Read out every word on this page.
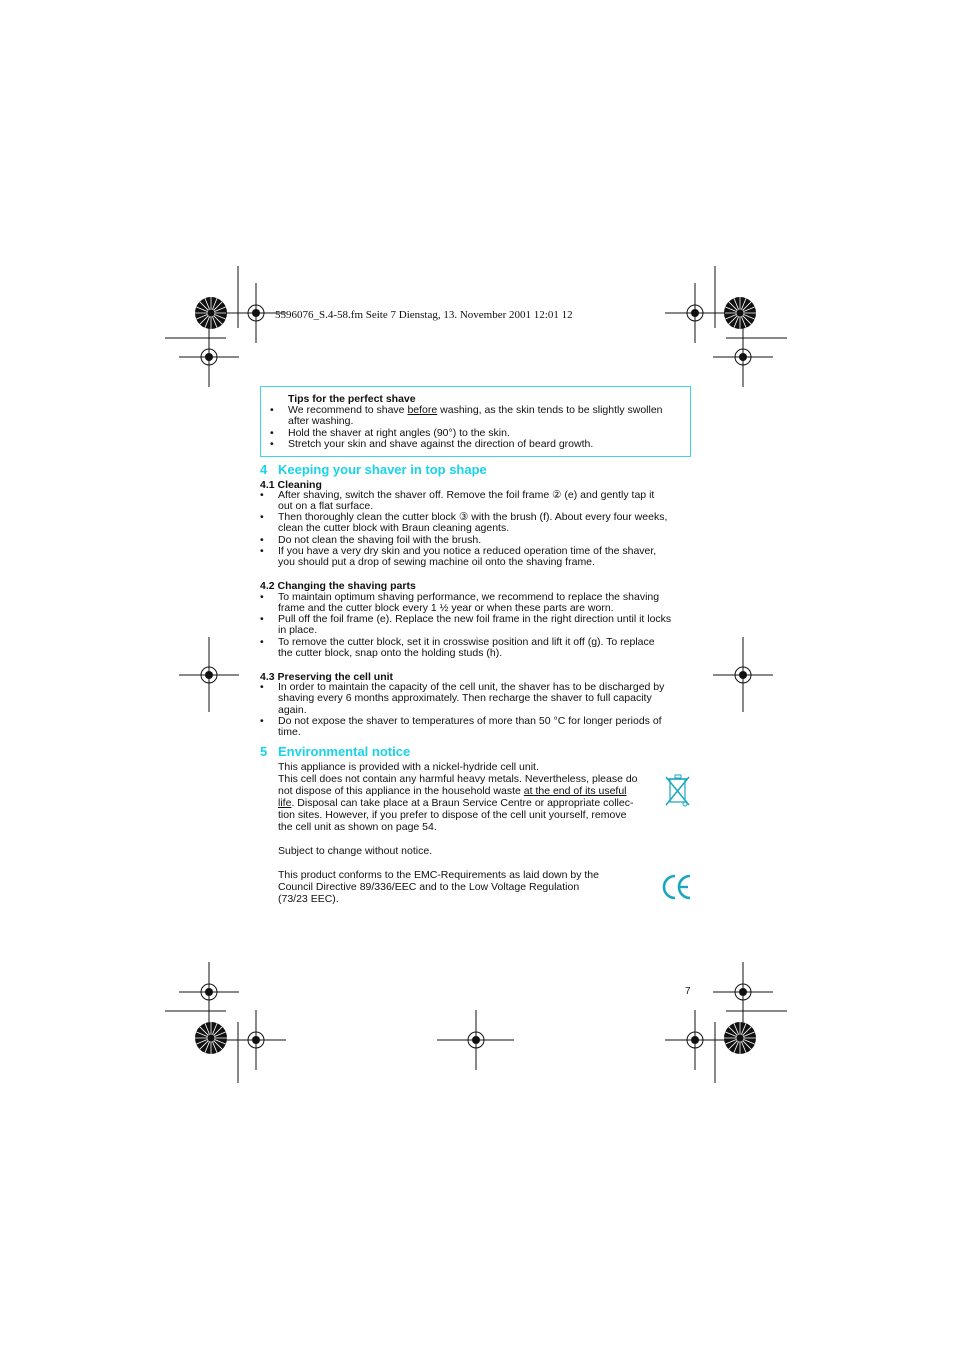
5596076_S.4-58.fm Seite 7 Dienstag, 13. November 2001 12:01 12
Tips for the perfect shave
• We recommend to shave before washing, as the skin tends to be slightly swollen
after washing.
• Hold the shaver at right angles (90°) to the skin.
• Stretch your skin and shave against the direction of beard growth.
4 Keeping your shaver in top shape
4.1 Cleaning
• After shaving, switch the shaver off. Remove the foil frame ② (e) and gently tap it
out on a flat surface.
• Then thoroughly clean the cutter block ③ with the brush (f). About every four weeks,
clean the cutter block with Braun cleaning agents.
• Do not clean the shaving foil with the brush.
• If you have a very dry skin and you notice a reduced operation time of the shaver,
you should put a drop of sewing machine oil onto the shaving frame.
4.2 Changing the shaving parts
• To maintain optimum shaving performance, we recommend to replace the shaving
frame and the cutter block every 1 ½ year or when these parts are worn.
• Pull off the foil frame (e). Replace the new foil frame in the right direction until it locks
in place.
• To remove the cutter block, set it in crosswise position and lift it off (g). To replace
the cutter block, snap onto the holding studs (h).
4.3 Preserving the cell unit
• In order to maintain the capacity of the cell unit, the shaver has to be discharged by
shaving every 6 months approximately. Then recharge the shaver to full capacity
again.
• Do not expose the shaver to temperatures of more than 50 °C for longer periods of
time.
5 Environmental notice
This appliance is provided with a nickel-hydride cell unit.
This cell does not contain any harmful heavy metals. Nevertheless, please do
not dispose of this appliance in the household waste at the end of its useful
life. Disposal can take place at a Braun Service Centre or appropriate collec-
tion sites. However, if you prefer to dispose of the cell unit yourself, remove
the cell unit as shown on page 54.
Subject to change without notice.
This product conforms to the EMC-Requirements as laid down by the
Council Directive 89/336/EEC and to the Low Voltage Regulation
(73/23 EEC).
7
